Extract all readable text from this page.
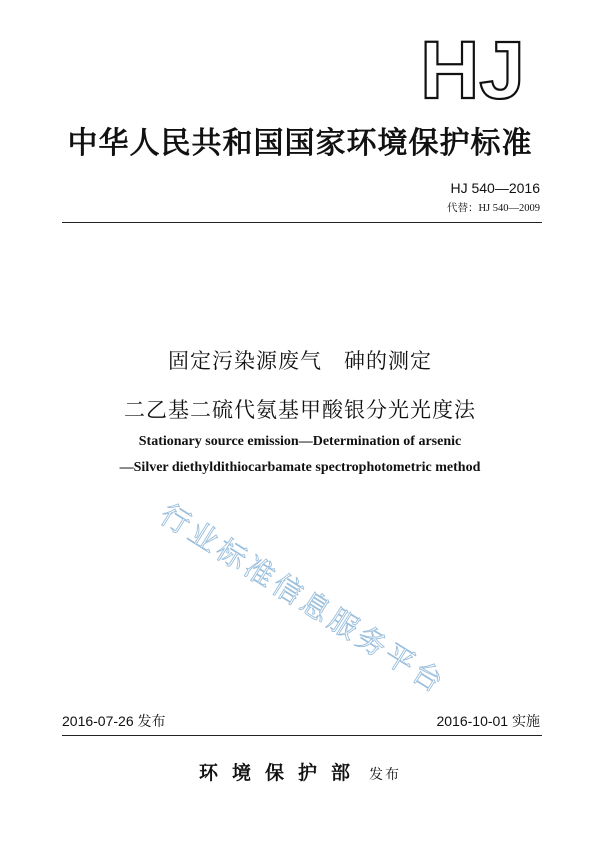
HJ
中华人民共和国国家环境保护标准
HJ 540—2016
代替：HJ 540—2009
固定污染源废气　砷的测定
二乙基二硫代氨基甲酸银分光光度法
Stationary source emission—Determination of arsenic
—Silver diethyldithiocarbamate spectrophotometric method
行业标准信息服务平台
2016-07-26 发布	2016-10-01 实施
环境保护部 发布
